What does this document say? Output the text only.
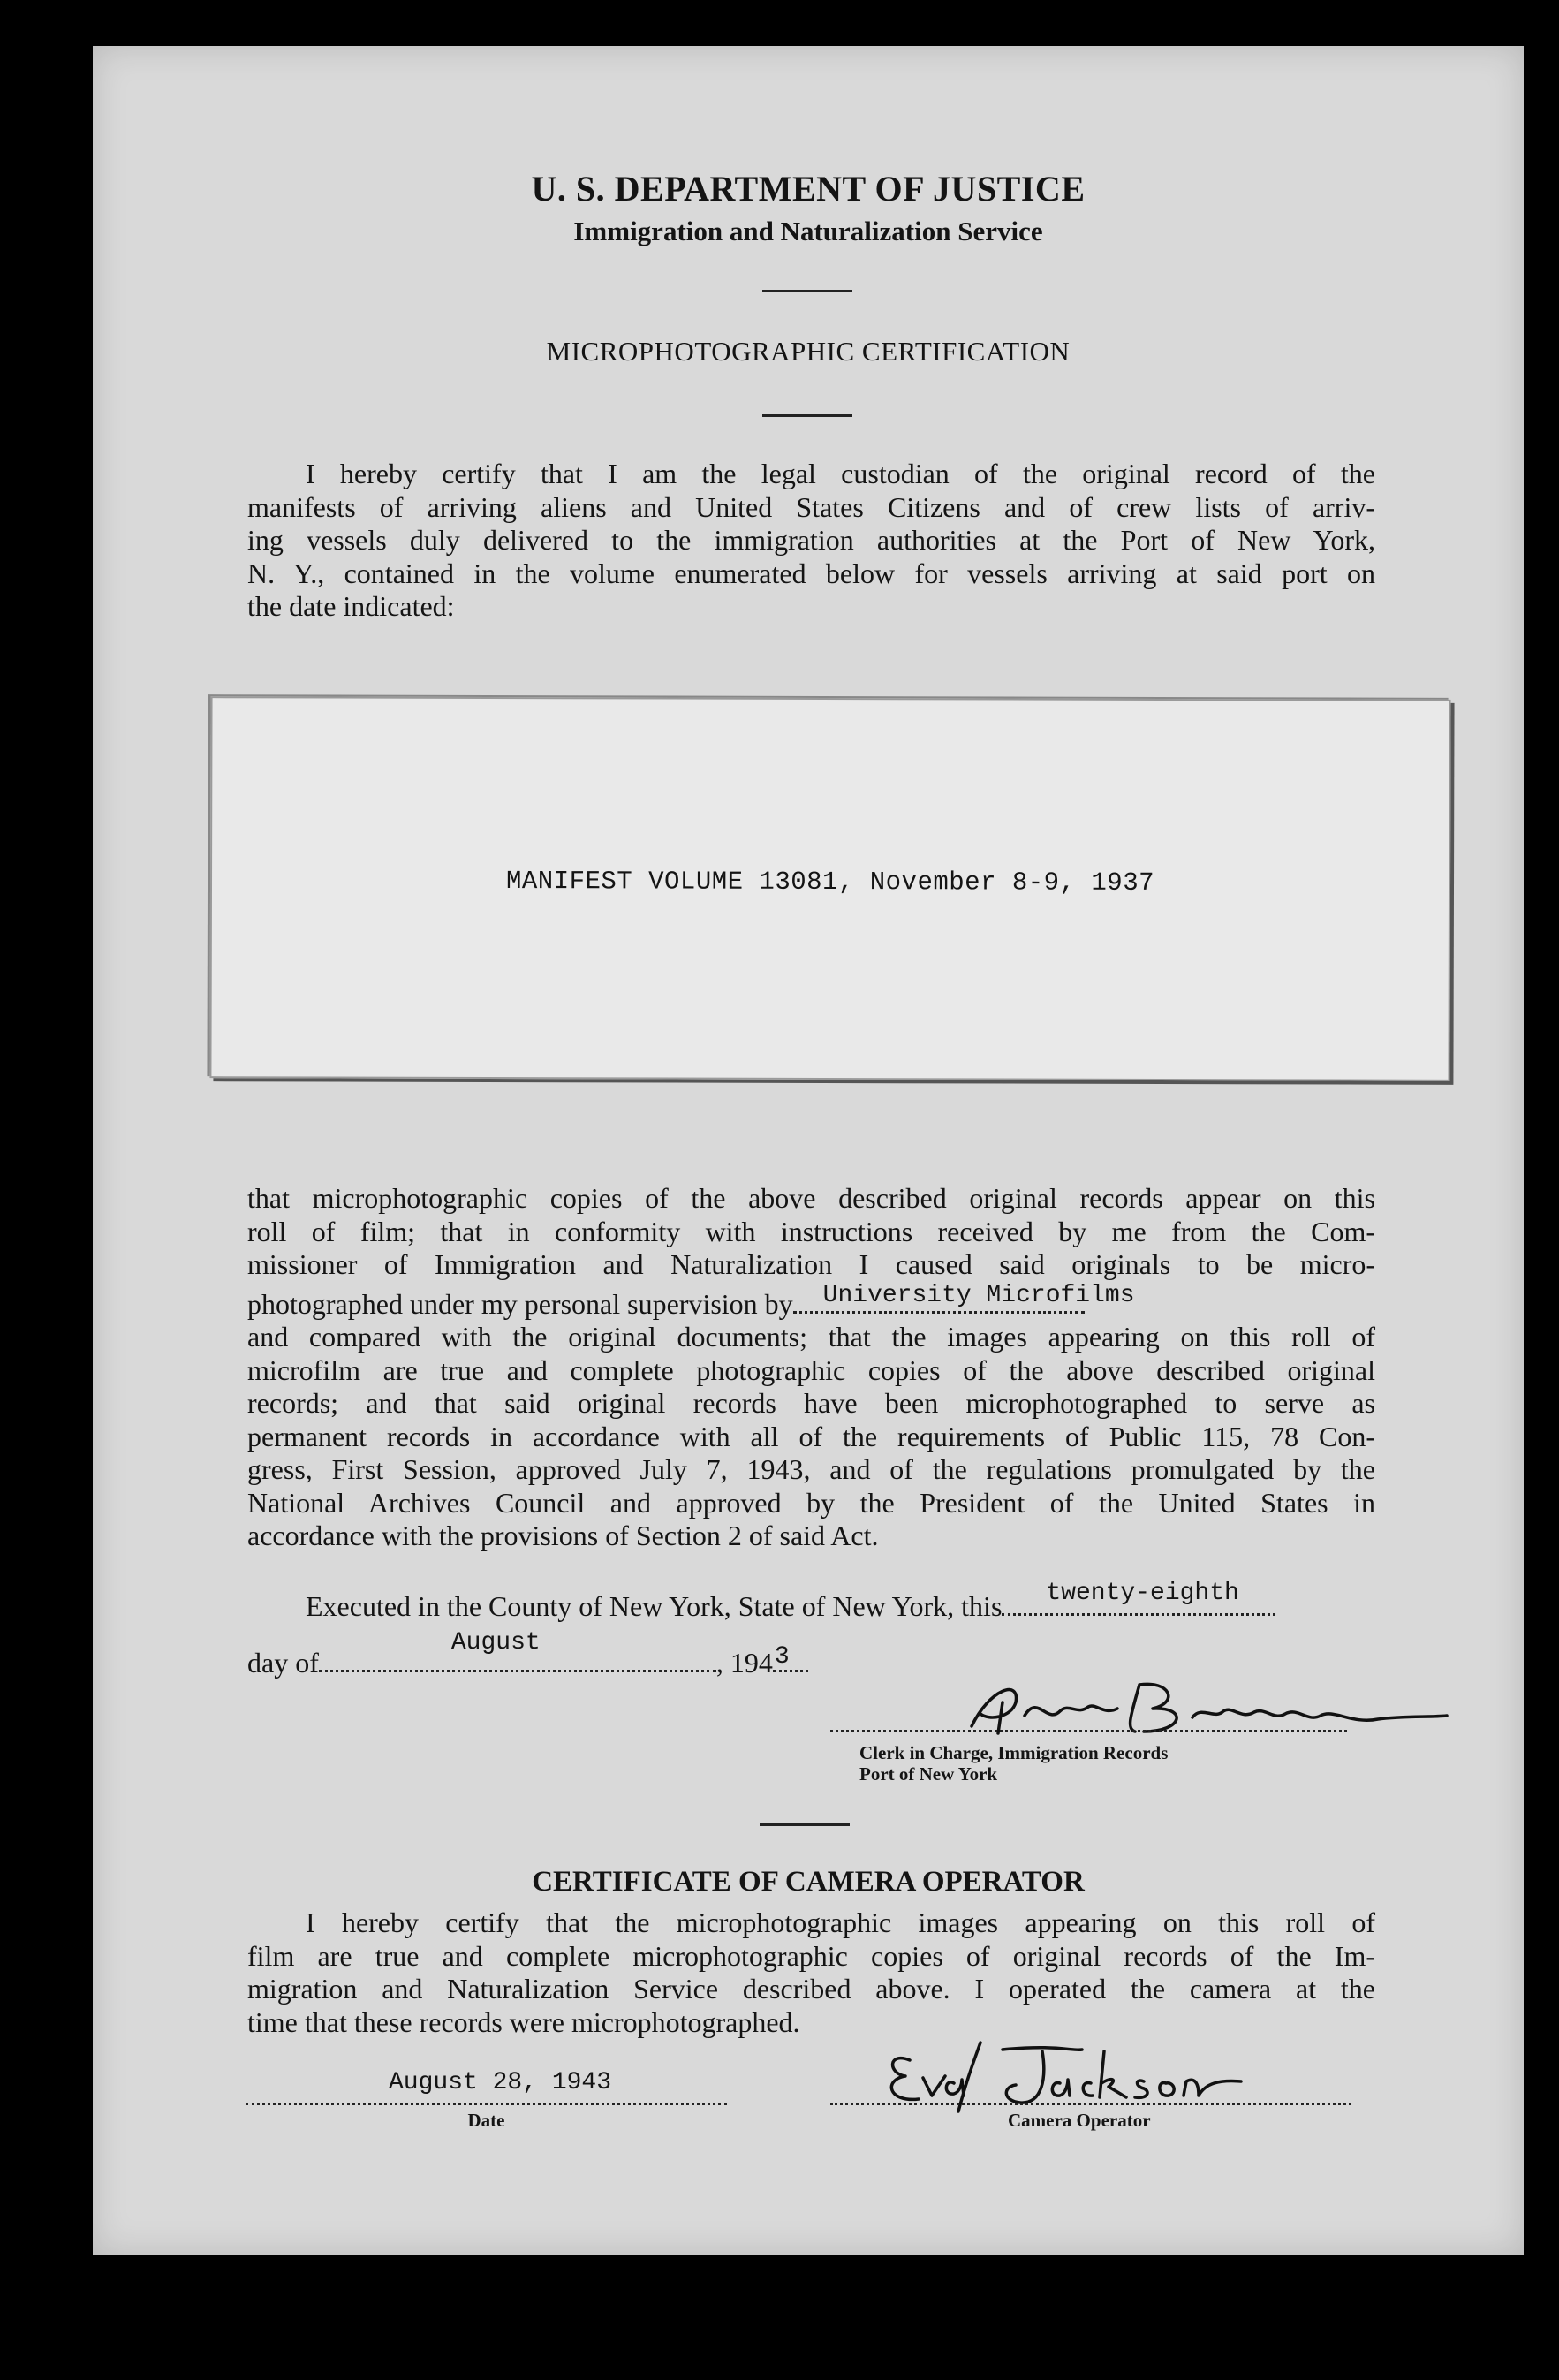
U. S. DEPARTMENT OF JUSTICE
Immigration and Naturalization Service
MICROPHOTOGRAPHIC CERTIFICATION
I hereby certify that I am the legal custodian of the original record of the
manifests of arriving aliens and United States Citizens and of crew lists of arriv-
ing vessels duly delivered to the immigration authorities at the Port of New York,
N. Y., contained in the volume enumerated below for vessels arriving at said port on
the date indicated:
MANIFEST VOLUME 13081, November 8-9, 1937
that microphotographic copies of the above described original records appear on this
roll of film; that in conformity with instructions received by me from the Com-
missioner of Immigration and Naturalization I caused said originals to be micro-
photographed under my personal supervision by University Microfilms
and compared with the original documents; that the images appearing on this roll of
microfilm are true and complete photographic copies of the above described original
records; and that said original records have been microphotographed to serve as
permanent records in accordance with all of the requirements of Public 115, 78 Con-
gress, First Session, approved July 7, 1943, and of the regulations promulgated by the
National Archives Council and approved by the President of the United States in
accordance with the provisions of Section 2 of said Act.
Executed in the County of New York, State of New York, this twenty-eighth
day of
August
, 194 3
Clerk in Charge, Immigration Records
Port of New York
CERTIFICATE OF CAMERA OPERATOR
I hereby certify that the microphotographic images appearing on this roll of
film are true and complete microphotographic copies of original records of the Im-
migration and Naturalization Service described above. I operated the camera at the
time that these records were microphotographed.
August 28, 1943
Date	Camera Operator
